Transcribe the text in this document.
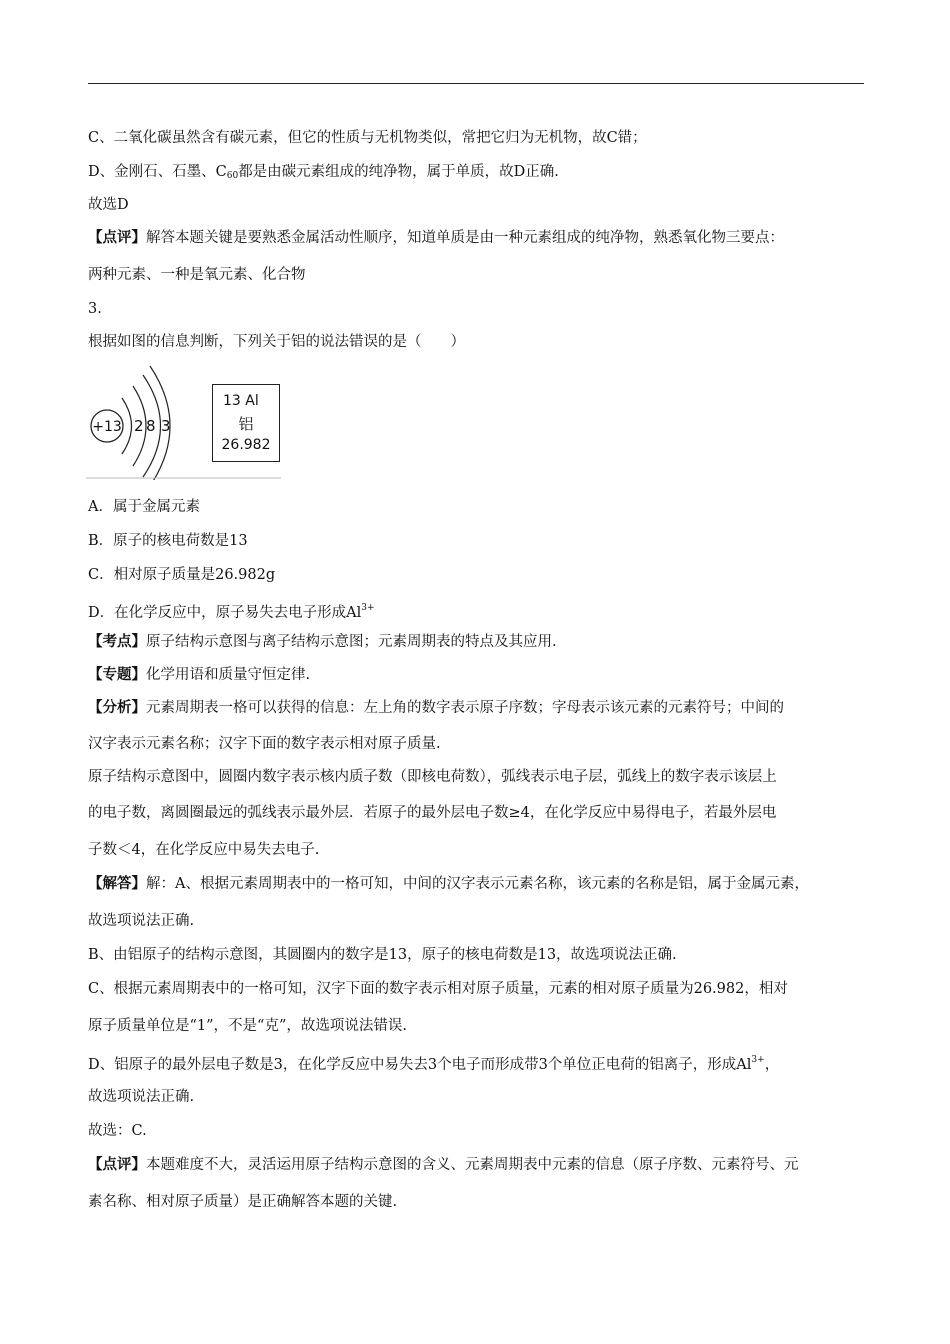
C、二氧化碳虽然含有碳元素，但它的性质与无机物类似，常把它归为无机物，故C错；
D、金刚石、石墨、$C_{60}$都是由碳元素组成的纯净物，属于单质，故D正确.
故选D
【点评】解答本题关键是要熟悉金属活动性顺序，知道单质是由一种元素组成的纯净物，熟悉氧化物三要点：
两种元素、一种是氧元素、化合物
3.
根据如图的信息判断，下列关于铝的说法错误的是（　　）
+13 2 8 3
13 Al
铝
26.982
A．属于金属元素
B．原子的核电荷数是13
C．相对原子质量是26.982g
D．在化学反应中，原子易失去电子形成$Al^{3+}$
【考点】原子结构示意图与离子结构示意图；元素周期表的特点及其应用.
【专题】化学用语和质量守恒定律.
【分析】元素周期表一格可以获得的信息：左上角的数字表示原子序数；字母表示该元素的元素符号；中间的
汉字表示元素名称；汉字下面的数字表示相对原子质量.
原子结构示意图中，圆圈内数字表示核内质子数（即核电荷数），弧线表示电子层，弧线上的数字表示该层上
的电子数，离圆圈最远的弧线表示最外层．若原子的最外层电子数≥4，在化学反应中易得电子，若最外层电
子数＜4，在化学反应中易失去电子.
【解答】解：A、根据元素周期表中的一格可知，中间的汉字表示元素名称，该元素的名称是铝，属于金属元素，
故选项说法正确.
B、由铝原子的结构示意图，其圆圈内的数字是13，原子的核电荷数是13，故选项说法正确.
C、根据元素周期表中的一格可知，汉字下面的数字表示相对原子质量，元素的相对原子质量为26.982，相对
原子质量单位是“1”，不是“克”，故选项说法错误.
D、铝原子的最外层电子数是3，在化学反应中易失去3个电子而形成带3个单位正电荷的铝离子，形成$Al^{3+}$，
故选项说法正确.
故选：C.
【点评】本题难度不大，灵活运用原子结构示意图的含义、元素周期表中元素的信息（原子序数、元素符号、元
素名称、相对原子质量）是正确解答本题的关键.
